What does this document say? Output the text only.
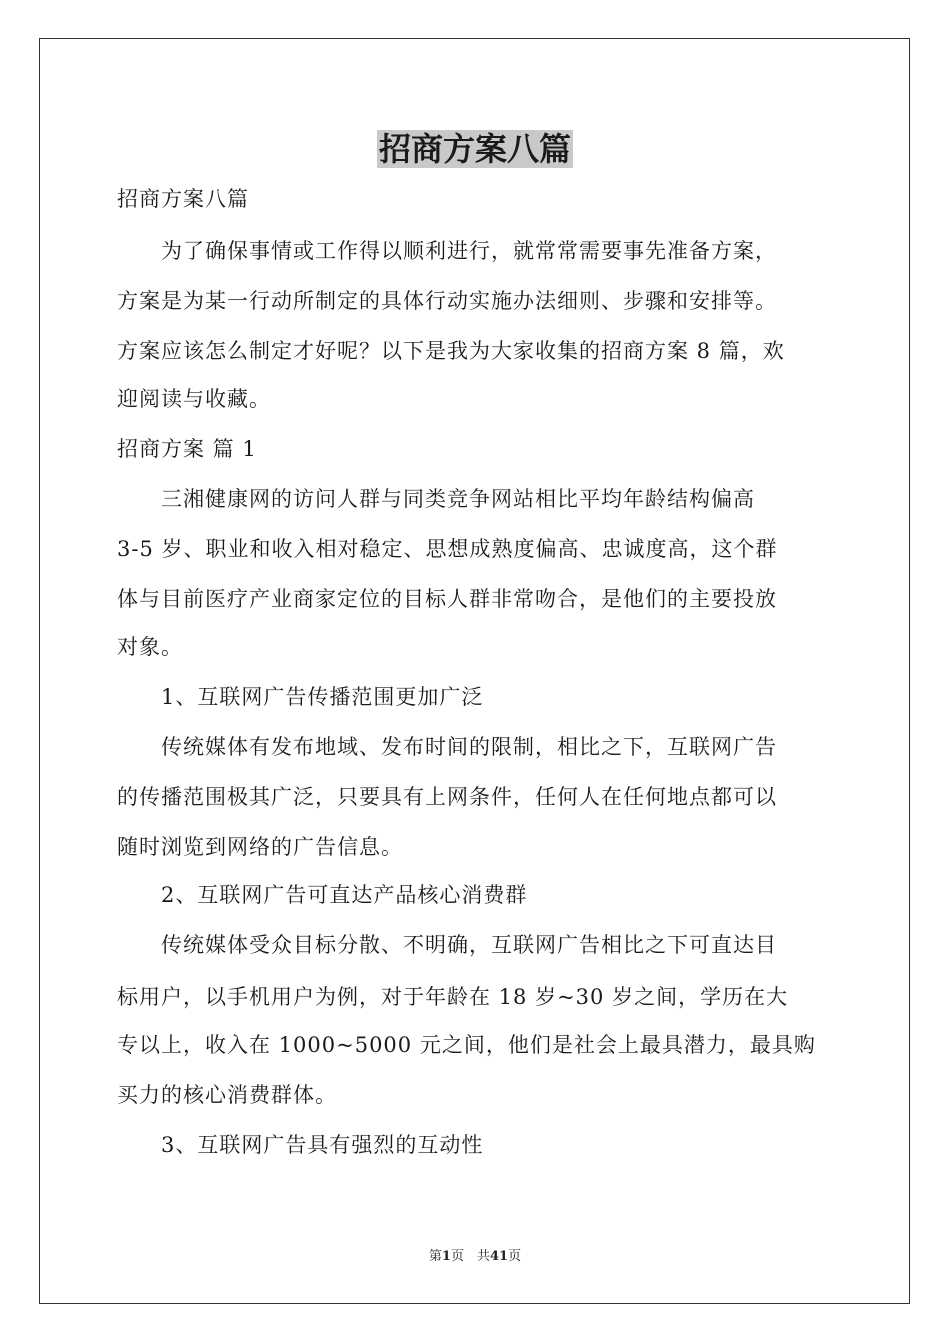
招商方案八篇
招商方案八篇
　　为了确保事情或工作得以顺利进行，就常常需要事先准备方案，
方案是为某一行动所制定的具体行动实施办法细则、步骤和安排等。
方案应该怎么制定才好呢？以下是我为大家收集的招商方案 8 篇，欢
迎阅读与收藏。
招商方案 篇 1
　　三湘健康网的访问人群与同类竞争网站相比平均年龄结构偏高
3-5 岁、职业和收入相对稳定、思想成熟度偏高、忠诚度高，这个群
体与目前医疗产业商家定位的目标人群非常吻合，是他们的主要投放
对象。
　　1、互联网广告传播范围更加广泛
　　传统媒体有发布地域、发布时间的限制，相比之下，互联网广告
的传播范围极其广泛，只要具有上网条件，任何人在任何地点都可以
随时浏览到网络的广告信息。
　　2、互联网广告可直达产品核心消费群
　　传统媒体受众目标分散、不明确，互联网广告相比之下可直达目
标用户，以手机用户为例，对于年龄在 18 岁~30 岁之间，学历在大
专以上，收入在 1000~5000 元之间，他们是社会上最具潜力，最具购
买力的核心消费群体。
　　3、互联网广告具有强烈的互动性
第1页　共41页
